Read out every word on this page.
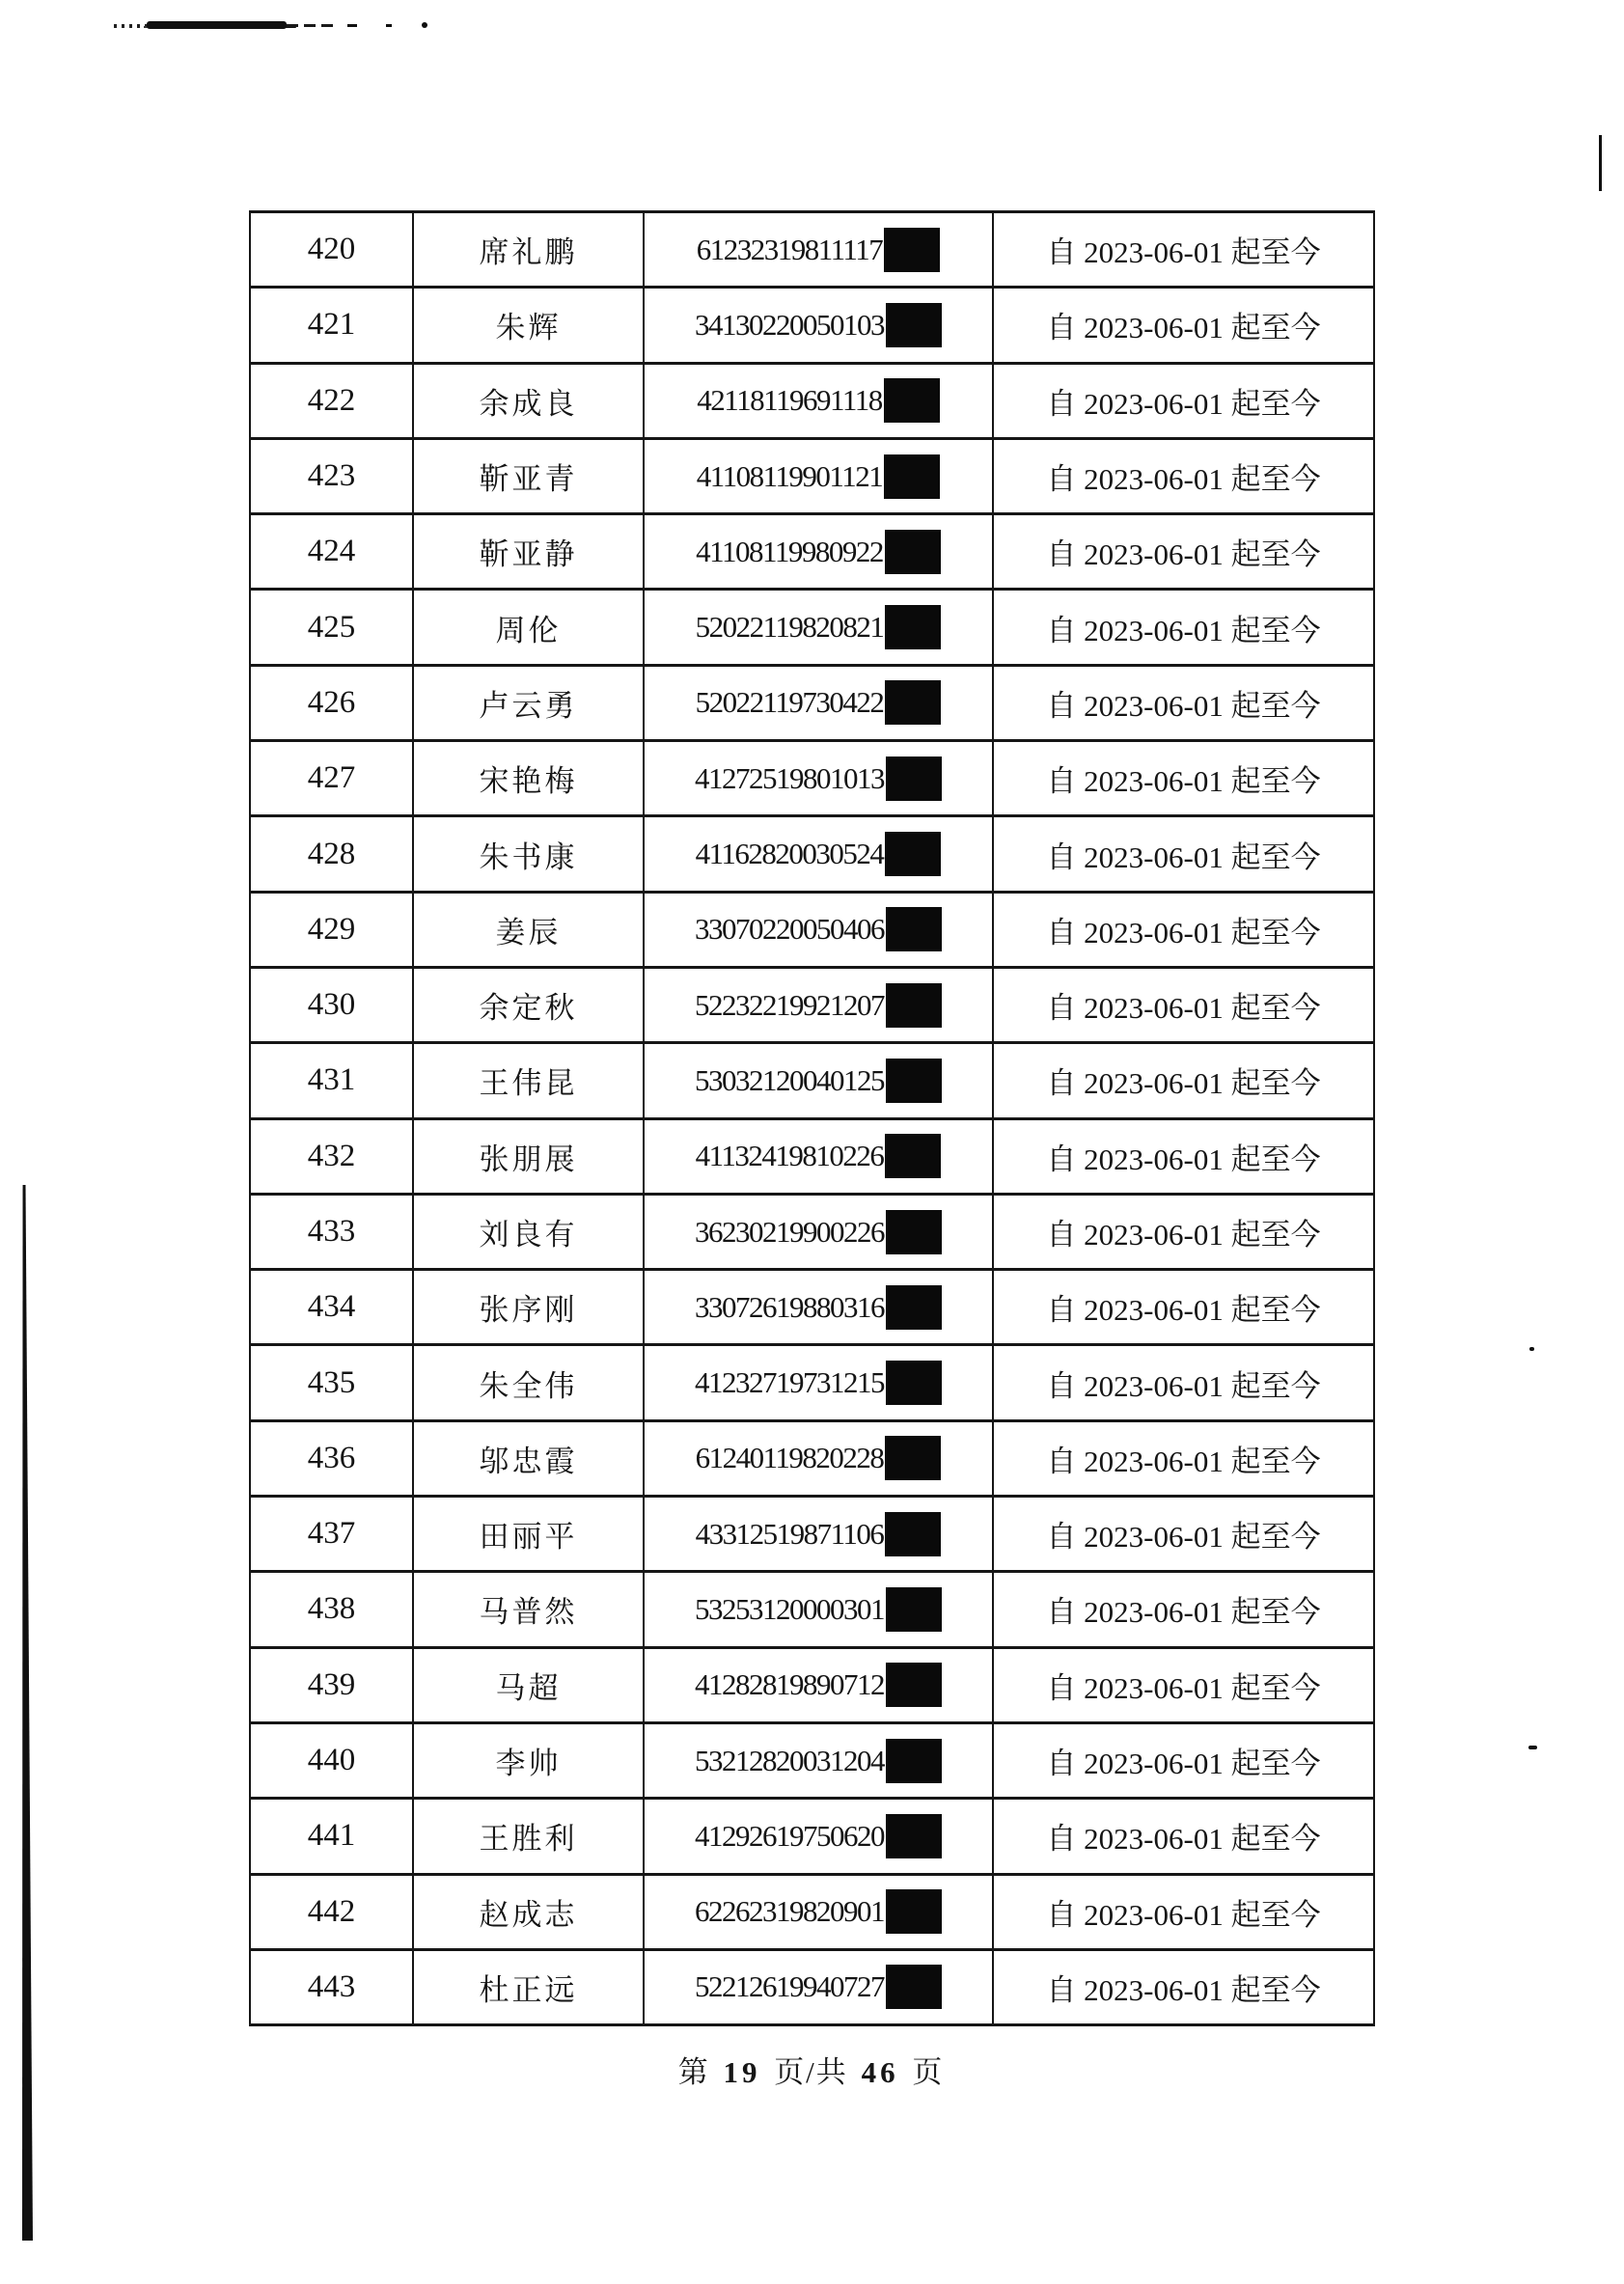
420	席礼鹏	61232319811117	自 2023-06-01 起至今
421	朱辉	34130220050103	自 2023-06-01 起至今
422	余成良	42118119691118	自 2023-06-01 起至今
423	靳亚青	41108119901121	自 2023-06-01 起至今
424	靳亚静	41108119980922	自 2023-06-01 起至今
425	周伦	52022119820821	自 2023-06-01 起至今
426	卢云勇	52022119730422	自 2023-06-01 起至今
427	宋艳梅	41272519801013	自 2023-06-01 起至今
428	朱书康	41162820030524	自 2023-06-01 起至今
429	姜辰	33070220050406	自 2023-06-01 起至今
430	余定秋	52232219921207	自 2023-06-01 起至今
431	王伟昆	53032120040125	自 2023-06-01 起至今
432	张朋展	41132419810226	自 2023-06-01 起至今
433	刘良有	36230219900226	自 2023-06-01 起至今
434	张序刚	33072619880316	自 2023-06-01 起至今
435	朱全伟	41232719731215	自 2023-06-01 起至今
436	邬忠霞	61240119820228	自 2023-06-01 起至今
437	田丽平	43312519871106	自 2023-06-01 起至今
438	马普然	53253120000301	自 2023-06-01 起至今
439	马超	41282819890712	自 2023-06-01 起至今
440	李帅	53212820031204	自 2023-06-01 起至今
441	王胜利	41292619750620	自 2023-06-01 起至今
442	赵成志	62262319820901	自 2023-06-01 起至今
443	杜正远	52212619940727	自 2023-06-01 起至今
第 19 页/共 46 页
